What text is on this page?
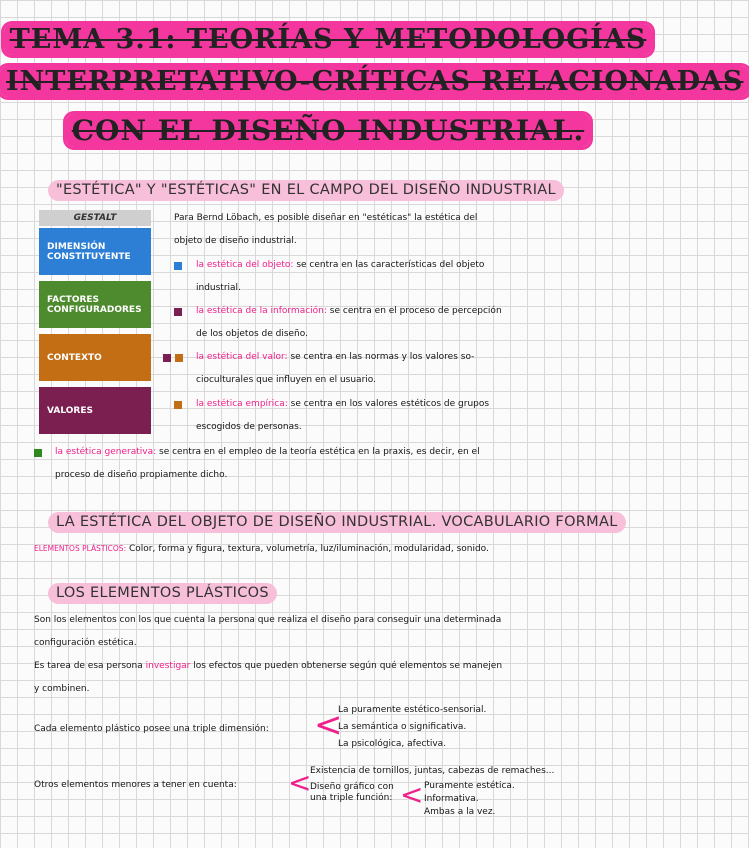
TEMA 3.1: TEORÍAS Y METODOLOGÍAS
INTERPRETATIVO-CRÍTICAS RELACIONADAS
CON EL DISEÑO INDUSTRIAL.
"ESTÉTICA" Y "ESTÉTICAS" EN EL CAMPO DEL DISEÑO INDUSTRIAL
GESTALT
DIMENSIÓN CONSTITUYENTE
FACTORES CONFIGURADORES
CONTEXTO
VALORES
Para Bernd Löbach, es posible diseñar en "estéticas" la estética del
objeto de diseño industrial.
la estética del objeto: se centra en las características del objeto
industrial.
la estética de la información: se centra en el proceso de percepción
de los objetos de diseño.
la estética del valor: se centra en las normas y los valores so-
cioculturales que influyen en el usuario.
la estética empírica: se centra en los valores estéticos de grupos
escogidos de personas.
la estética generativa: se centra en el empleo de la teoría estética en la praxis, es decir, en el
proceso de diseño propiamente dicho.
LA ESTÉTICA DEL OBJETO DE DISEÑO INDUSTRIAL. VOCABULARIO FORMAL
ELEMENTOS PLÁSTICOS: Color, forma y figura, textura, volumetría, luz/iluminación, modularidad, sonido.
LOS ELEMENTOS PLÁSTICOS
Son los elementos con los que cuenta la persona que realiza el diseño para conseguir una determinada
configuración estética.
Es tarea de esa persona investigar los efectos que pueden obtenerse según qué elementos se manejen
y combinen.
Cada elemento plástico posee una triple dimensión: <
La puramente estético-sensorial.
La semántica o significativa.
La psicológica, afectiva.
Otros elementos menores a tener en cuenta: <
Existencia de tornillos, juntas, cabezas de remaches...
Diseño gráfico con
una triple función: < Puramente estética.
Informativa.
Ambas a la vez.
